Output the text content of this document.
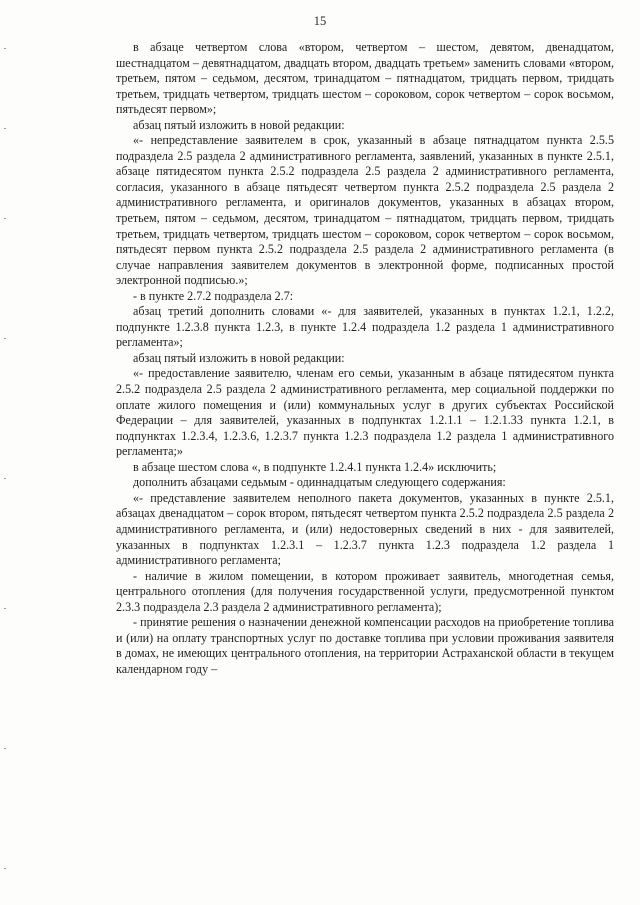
15

в абзаце четвертом слова «втором, четвертом – шестом, девятом, двенадцатом, шестнадцатом – девятнадцатом, двадцать втором, двадцать третьем» заменить словами «втором, третьем, пятом – седьмом, десятом, тринадцатом – пятнадцатом, тридцать первом, тридцать третьем, тридцать четвертом, тридцать шестом – сороковом, сорок четвертом – сорок восьмом, пятьдесят первом»;

абзац пятый изложить в новой редакции:

«- непредставление заявителем в срок, указанный в абзаце пятнадцатом пункта 2.5.5 подраздела 2.5 раздела 2 административного регламента, заявлений, указанных в пункте 2.5.1, абзаце пятидесятом пункта 2.5.2 подраздела 2.5 раздела 2 административного регламента, согласия, указанного в абзаце пятьдесят четвертом пункта 2.5.2 подраздела 2.5 раздела 2 административного регламента, и оригиналов документов, указанных в абзацах втором, третьем, пятом – седьмом, десятом, тринадцатом – пятнадцатом, тридцать первом, тридцать третьем, тридцать четвертом, тридцать шестом – сороковом, сорок четвертом – сорок восьмом, пятьдесят первом пункта 2.5.2 подраздела 2.5 раздела 2 административного регламента (в случае направления заявителем документов в электронной форме, подписанных простой электронной подписью.»;

- в пункте 2.7.2 подраздела 2.7:

абзац третий дополнить словами «- для заявителей, указанных в пунктах 1.2.1, 1.2.2, подпункте 1.2.3.8 пункта 1.2.3, в пункте 1.2.4 подраздела 1.2 раздела 1 административного регламента»;

абзац пятый изложить в новой редакции:

«- предоставление заявителю, членам его семьи, указанным в абзаце пятидесятом пункта 2.5.2 подраздела 2.5 раздела 2 административного регламента, мер социальной поддержки по оплате жилого помещения и (или) коммунальных услуг в других субъектах Российской Федерации – для заявителей, указанных в подпунктах 1.2.1.1 – 1.2.1.33 пункта 1.2.1, в подпунктах 1.2.3.4, 1.2.3.6, 1.2.3.7 пункта 1.2.3 подраздела 1.2 раздела 1 административного регламента;»

в абзаце шестом слова «, в подпункте 1.2.4.1 пункта 1.2.4» исключить;

дополнить абзацами седьмым - одиннадцатым следующего содержания:

«- представление заявителем неполного пакета документов, указанных в пункте 2.5.1, абзацах двенадцатом – сорок втором, пятьдесят четвертом пункта 2.5.2 подраздела 2.5 раздела 2 административного регламента, и (или) недостоверных сведений в них - для заявителей, указанных в подпунктах 1.2.3.1 – 1.2.3.7 пункта 1.2.3 подраздела 1.2 раздела 1 административного регламента;

- наличие в жилом помещении, в котором проживает заявитель, многодетная семья, центрального отопления (для получения государственной услуги, предусмотренной пунктом 2.3.3 подраздела 2.3 раздела 2 административного регламента);

- принятие решения о назначении денежной компенсации расходов на приобретение топлива и (или) на оплату транспортных услуг по доставке топлива при условии проживания заявителя в домах, не имеющих центрального отопления, на территории Астраханской области в текущем календарном году –
